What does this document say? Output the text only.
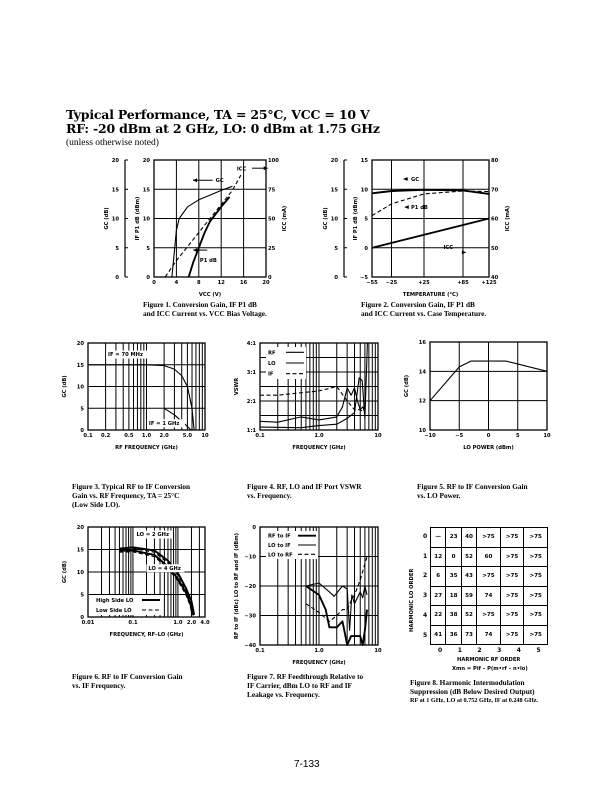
Typical Performance, TA = 25°C, VCC = 10 V
RF: -20 dBm at 2 GHz, LO: 0 dBm at 1.75 GHz
(unless otherwise noted)
0	4	8	12	16	20
VCC (V)
0
5
10
15
20
IF P1 dB (dBm)
0
5
10
15
20
GC (dB)
0
25
50
75
100
ICC (mA)
GC
P1 dB
ICC
−55 −25	+25	+85 +125
TEMPERATURE (°C)
−5
0
5
10
15
IF P1 dB (dBm)
0
5
10
15
20
GC (dB)
40
50
60
70
80
ICC (mA)
GC
P1 dB
ICC
0.1 0.2	0.5 1.0 2.0	5.0 10
RF FREQUENCY (GHz)
0
5
10
15
20
GC (dB)
IF = 70 MHz
IF = 1 GHz
0.1	1.0	10
FREQUENCY (GHz)
1:1
2:1
3:1
4:1
VSWR
RF
LO
IF
−10	−5	0	5	10
LO POWER (dBm)
10
12
14
16
GC (dB)
0.01	0.1	1.0 2.0 4.0
FREQUENCY, RF–LO (GHz)
0
5
10
15
20
GC (dB)
LO = 2 GHz
LO = 4 GHz
High Side LO
Low Side LO
0.1	1.0	10
FREQUENCY (GHz)
−40
−30
−20
−10
0
RF to IF (dBc) LO to RF and IF (dBm)	RF to IF
LO to IF
LO to RF
Figure 1. Conversion Gain, IF P1 dB
and ICC Current vs. VCC Bias Voltage.
Figure 2. Conversion Gain, IF P1 dB
and ICC Current vs. Case Temperature.
Figure 3. Typical RF to IF Conversion
Gain vs. RF Frequency, TA = 25°C
(Low Side LO).
Figure 4. RF, LO and IF Port VSWR
vs. Frequency.
Figure 5. RF to IF Conversion Gain
vs. LO Power.
Figure 6. RF to IF Conversion Gain
vs. IF Frequency.
Figure 7. RF Feedthrough Relative to
IF Carrier, dBm LO to RF and IF
Leakage vs. Frequency.
Figure 8. Harmonic Intermodulation
Suppression (dB Below Desired Output)
RF at 1 GHz, LO at 0.752 GHz, IF at 0.248 GHz.
—	23	40	>75	>75	>75
12	0	52	60	>75	>75
6	35	43	>75	>75	>75
27	18	59	74	>75	>75
22	38	52	>75	>75	>75
41	36	73	74	>75	>75
HARMONIC LO ORDER
HARMONIC RF ORDER
Xmn = Pif – P(m•rf – n•lo)
7-133
0
1
2
3
4
5
0	1	2	3	4	5
